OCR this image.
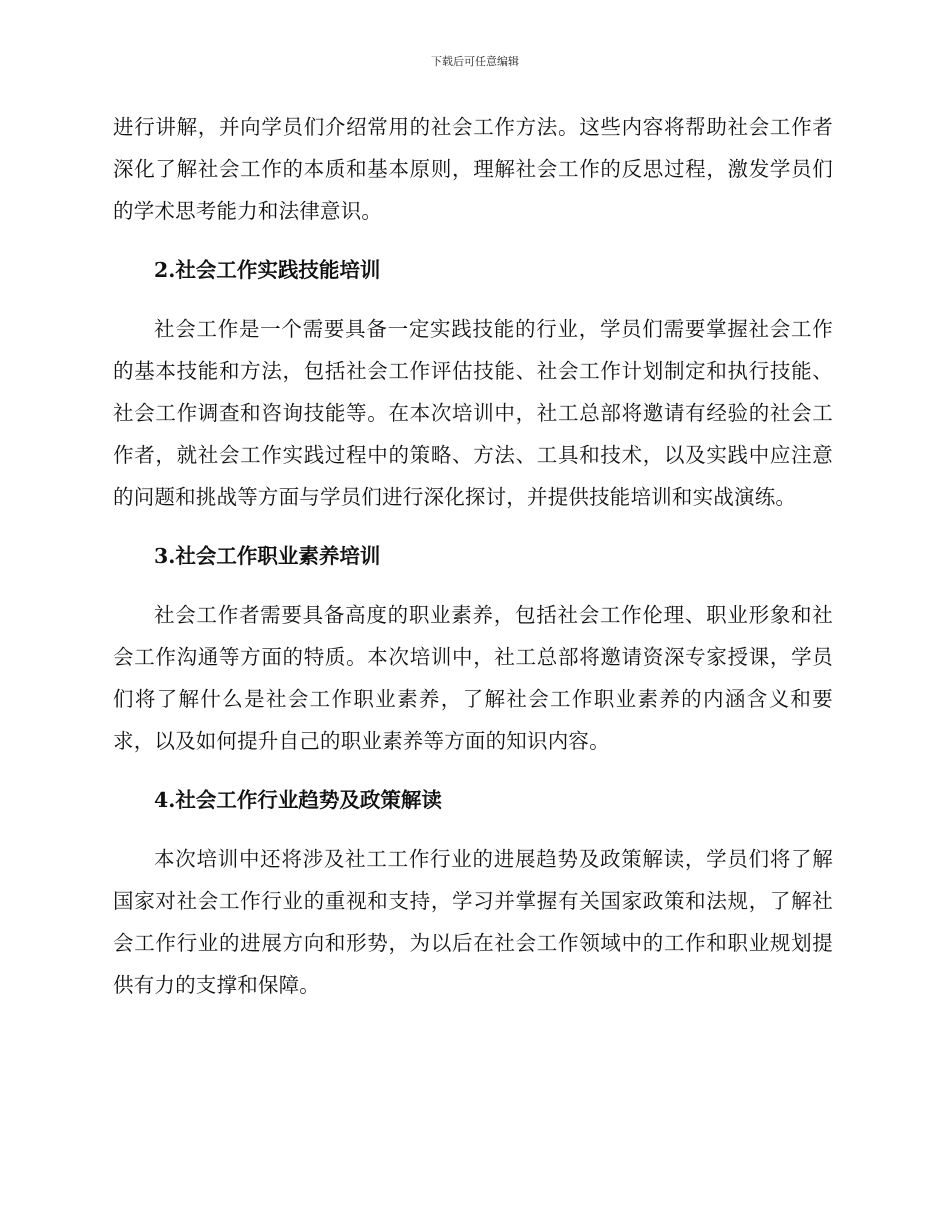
下载后可任意编辑

进行讲解，并向学员们介绍常用的社会工作方法。这些内容将帮助社会工作者深化了解社会工作的本质和基本原则，理解社会工作的反思过程，激发学员们的学术思考能力和法律意识。

2.社会工作实践技能培训

社会工作是一个需要具备一定实践技能的行业，学员们需要掌握社会工作的基本技能和方法，包括社会工作评估技能、社会工作计划制定和执行技能、社会工作调查和咨询技能等。在本次培训中，社工总部将邀请有经验的社会工作者，就社会工作实践过程中的策略、方法、工具和技术，以及实践中应注意的问题和挑战等方面与学员们进行深化探讨，并提供技能培训和实战演练。

3.社会工作职业素养培训

社会工作者需要具备高度的职业素养，包括社会工作伦理、职业形象和社会工作沟通等方面的特质。本次培训中，社工总部将邀请资深专家授课，学员们将了解什么是社会工作职业素养，了解社会工作职业素养的内涵含义和要求，以及如何提升自己的职业素养等方面的知识内容。

4.社会工作行业趋势及政策解读

本次培训中还将涉及社工工作行业的进展趋势及政策解读，学员们将了解国家对社会工作行业的重视和支持，学习并掌握有关国家政策和法规，了解社会工作行业的进展方向和形势，为以后在社会工作领域中的工作和职业规划提供有力的支撑和保障。
